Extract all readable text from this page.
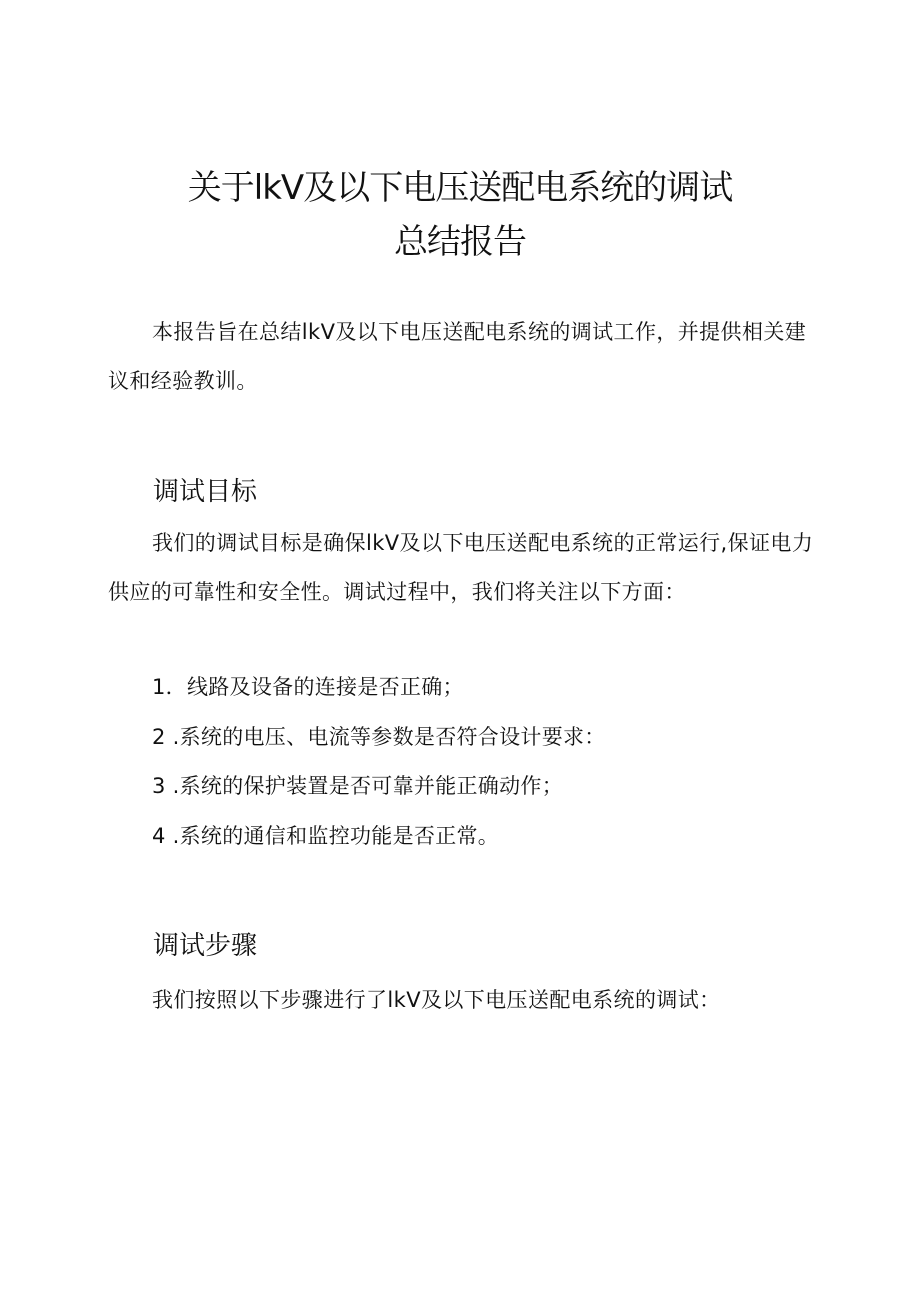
关于lkV及以下电压送配电系统的调试
总结报告
本报告旨在总结lkV及以下电压送配电系统的调试工作，并提供相关建议和经验教训。
调试目标
我们的调试目标是确保lkV及以下电压送配电系统的正常运行,保证电力供应的可靠性和安全性。调试过程中，我们将关注以下方面：
1．线路及设备的连接是否正确；
2 .系统的电压、电流等参数是否符合设计要求：
3 .系统的保护装置是否可靠并能正确动作；
4 .系统的通信和监控功能是否正常。
调试步骤
我们按照以下步骤进行了lkV及以下电压送配电系统的调试：
